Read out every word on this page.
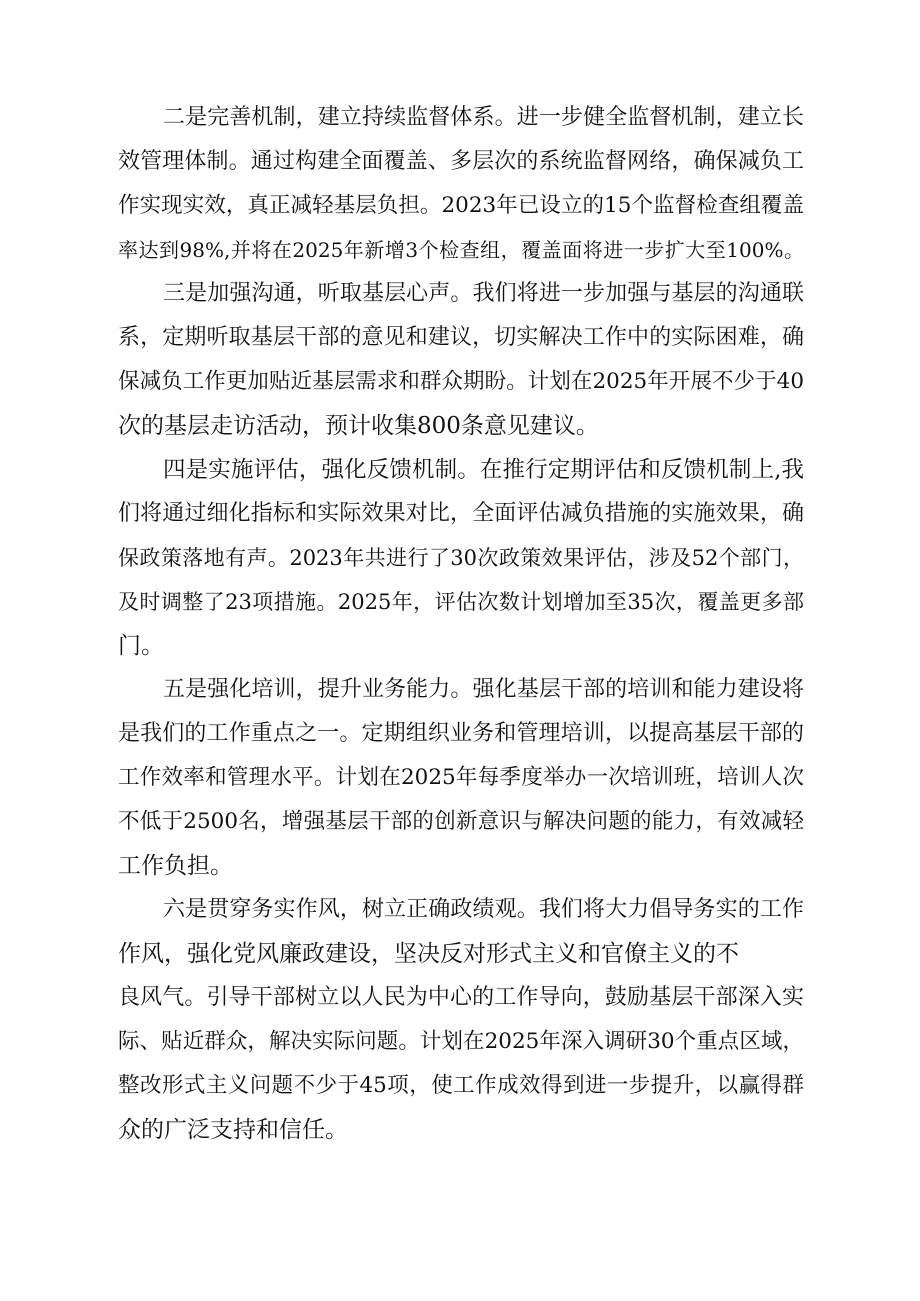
二是完善机制，建立持续监督体系。进一步健全监督机制，建立长
效管理体制。通过构建全面覆盖、多层次的系统监督网络，确保减负工
作实现实效，真正减轻基层负担。2023年已设立的15个监督检查组覆盖
率达到98%,并将在2025年新增3个检查组，覆盖面将进一步扩大至100%。
三是加强沟通，听取基层心声。我们将进一步加强与基层的沟通联
系，定期听取基层干部的意见和建议，切实解决工作中的实际困难，确
保减负工作更加贴近基层需求和群众期盼。计划在2025年开展不少于40
次的基层走访活动，预计收集800条意见建议。
四是实施评估，强化反馈机制。在推行定期评估和反馈机制上,我
们将通过细化指标和实际效果对比，全面评估减负措施的实施效果，确
保政策落地有声。2023年共进行了30次政策效果评估，涉及52个部门，
及时调整了23项措施。2025年，评估次数计划增加至35次，覆盖更多部
门。
五是强化培训，提升业务能力。强化基层干部的培训和能力建设将
是我们的工作重点之一。定期组织业务和管理培训，以提高基层干部的
工作效率和管理水平。计划在2025年每季度举办一次培训班，培训人次
不低于2500名，增强基层干部的创新意识与解决问题的能力，有效减轻
工作负担。
六是贯穿务实作风，树立正确政绩观。我们将大力倡导务实的工作
作风，强化党风廉政建设，坚决反对形式主义和官僚主义的不
良风气。引导干部树立以人民为中心的工作导向，鼓励基层干部深入实
际、贴近群众，解决实际问题。计划在2025年深入调研30个重点区域，
整改形式主义问题不少于45项，使工作成效得到进一步提升，以赢得群
众的广泛支持和信任。
